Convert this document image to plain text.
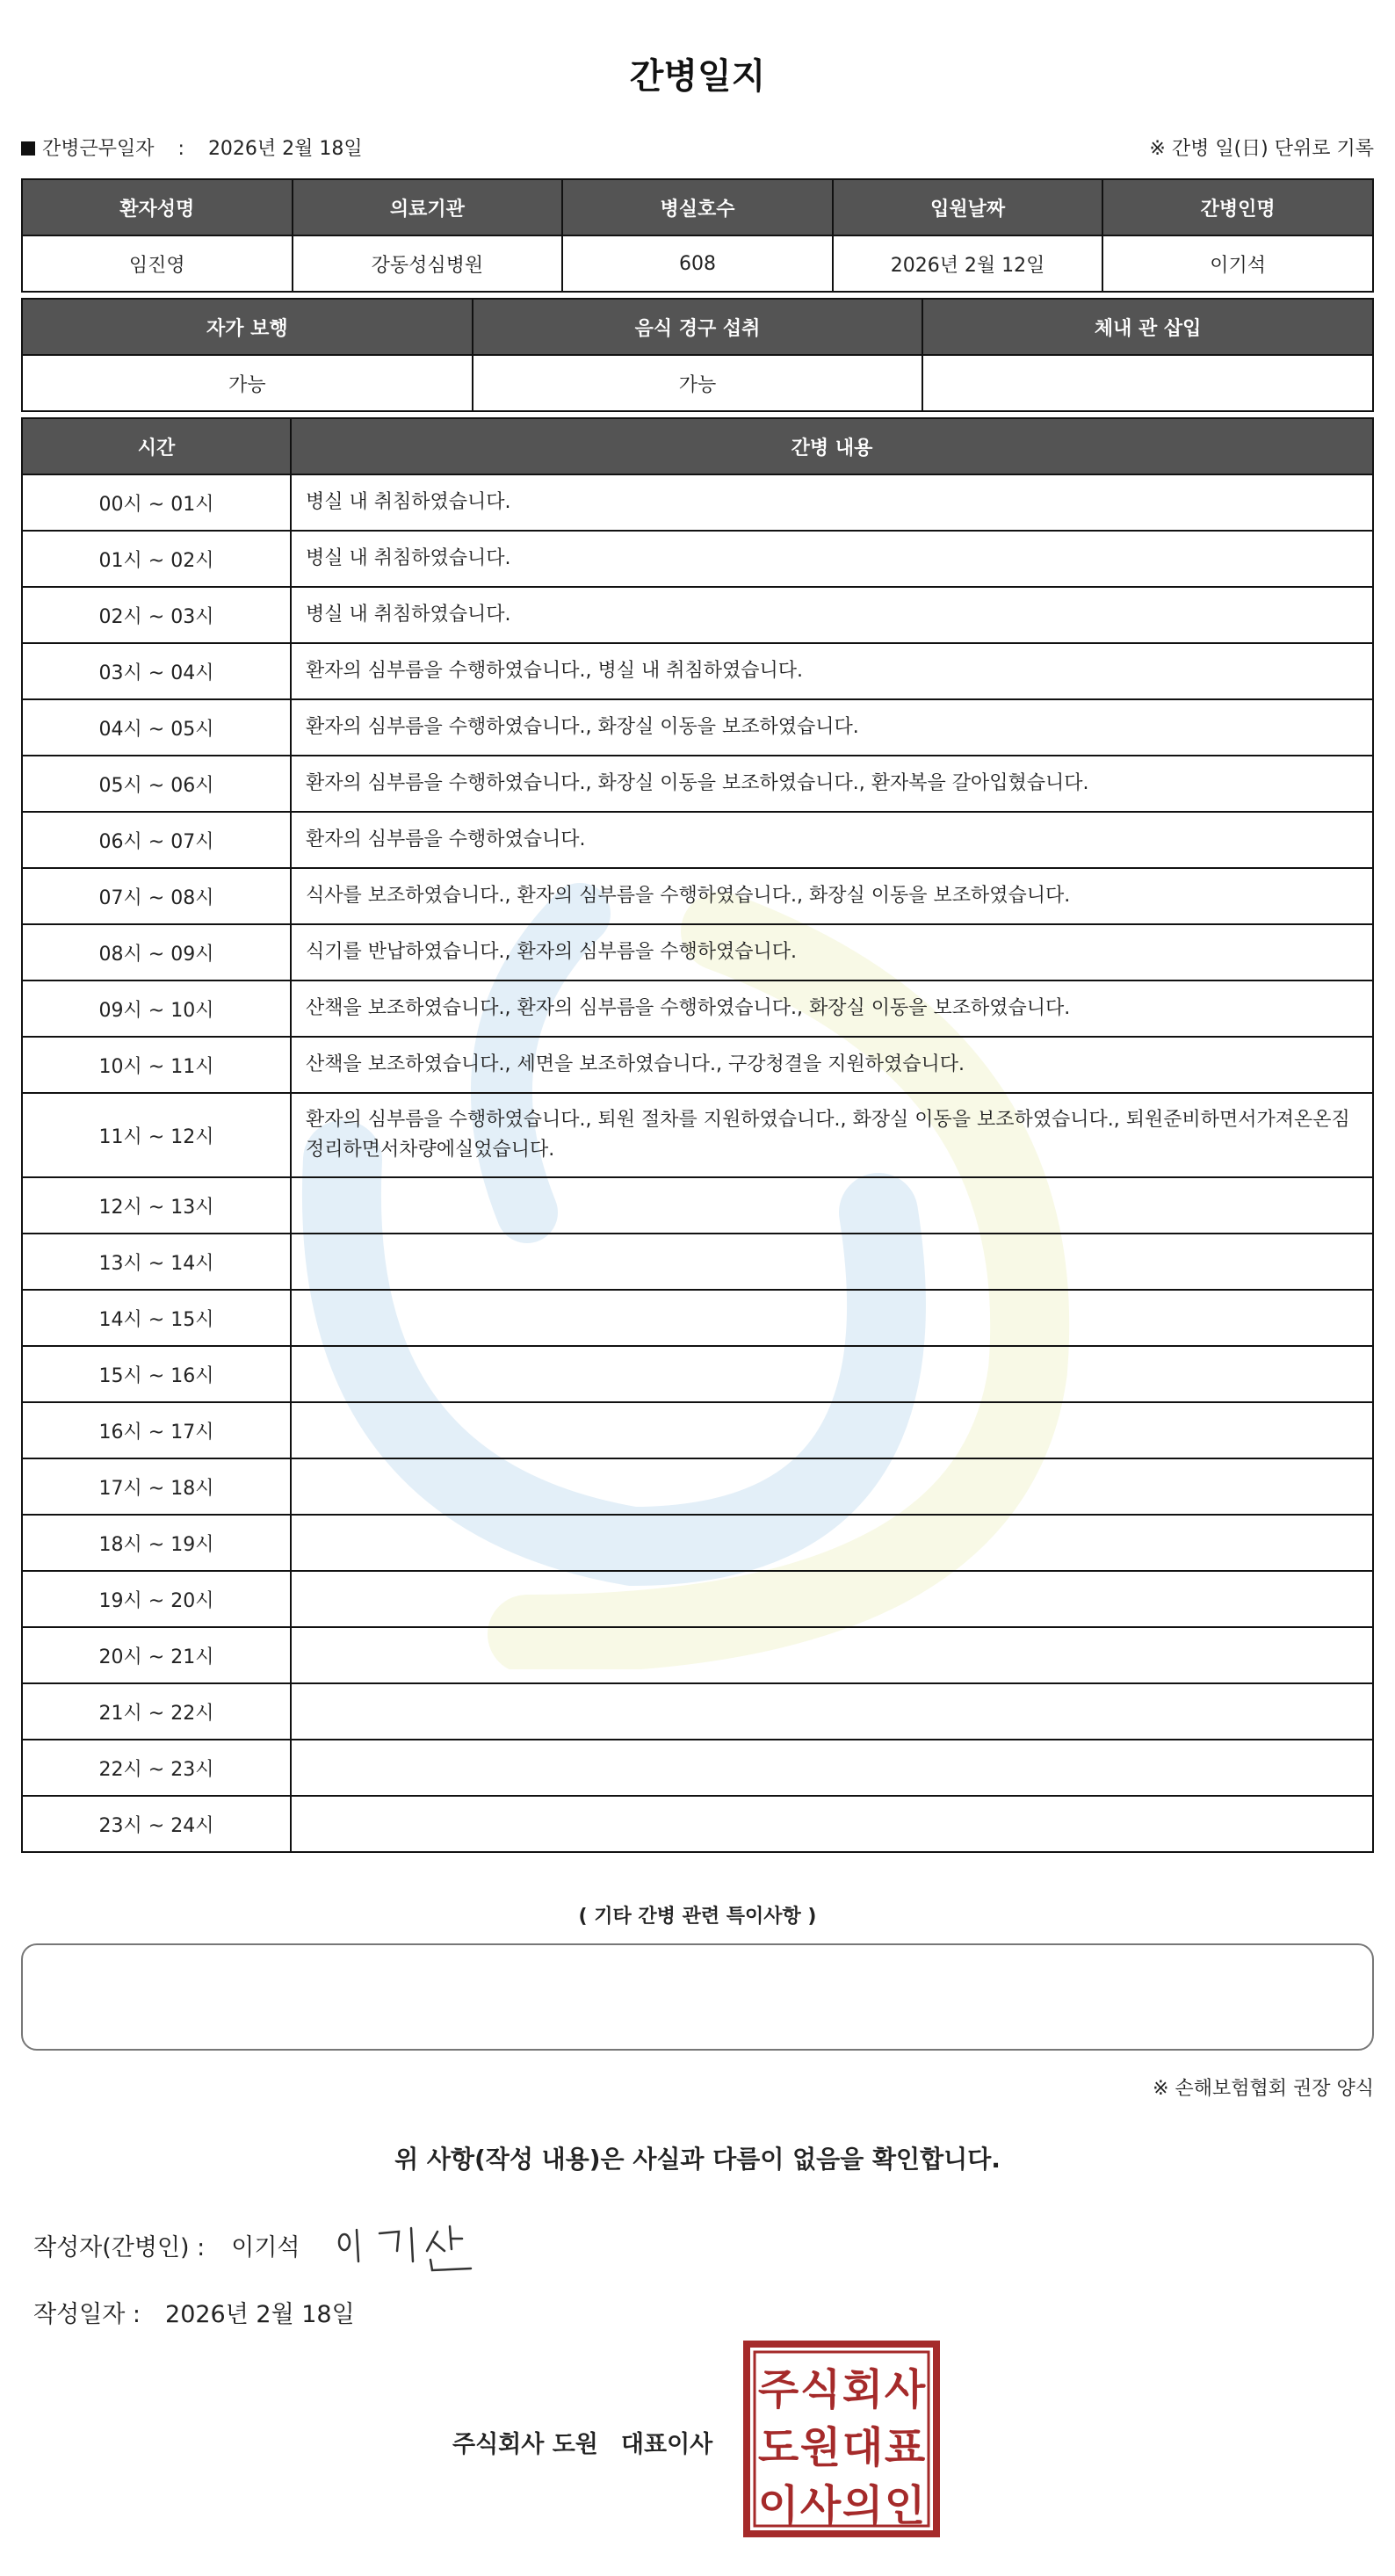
간병일지
간병근무일자 : 2026년 2월 18일	※ 간병 일(日) 단위로 기록
환자성명	의료기관	병실호수	입원날짜	간병인명
임진영	강동성심병원	608	2026년 2월 12일	이기석
자가 보행	음식 경구 섭취	체내 관 삽입
가능	가능	
시간	간병 내용
00시 ~ 01시	병실 내 취침하였습니다.
01시 ~ 02시	병실 내 취침하였습니다.
02시 ~ 03시	병실 내 취침하였습니다.
03시 ~ 04시	환자의 심부름을 수행하였습니다., 병실 내 취침하였습니다.
04시 ~ 05시	환자의 심부름을 수행하였습니다., 화장실 이동을 보조하였습니다.
05시 ~ 06시	환자의 심부름을 수행하였습니다., 화장실 이동을 보조하였습니다., 환자복을 갈아입혔습니다.
06시 ~ 07시	환자의 심부름을 수행하였습니다.
07시 ~ 08시	식사를 보조하였습니다., 환자의 심부름을 수행하였습니다., 화장실 이동을 보조하였습니다.
08시 ~ 09시	식기를 반납하였습니다., 환자의 심부름을 수행하였습니다.
09시 ~ 10시	산책을 보조하였습니다., 환자의 심부름을 수행하였습니다., 화장실 이동을 보조하였습니다.
10시 ~ 11시	산책을 보조하였습니다., 세면을 보조하였습니다., 구강청결을 지원하였습니다.
11시 ~ 12시	환자의 심부름을 수행하였습니다., 퇴원 절차를 지원하였습니다., 화장실 이동을 보조하였습니다., 퇴원준비하면서가져온온짐정리하면서차량에실었습니다.
12시 ~ 13시	
13시 ~ 14시	
14시 ~ 15시	
15시 ~ 16시	
16시 ~ 17시	
17시 ~ 18시	
18시 ~ 19시	
19시 ~ 20시	
20시 ~ 21시	
21시 ~ 22시	
22시 ~ 23시	
23시 ~ 24시	
( 기타 간병 관련 특이사항 )
※ 손해보험협회 권장 양식
위 사항(작성 내용)은 사실과 다름이 없음을 확인합니다.
작성자(간병인) : 이기석
작성일자 : 2026년 2월 18일
주식회사 도원 대표이사
주 식 회 사
도 원 대 표
이 사 의 인
